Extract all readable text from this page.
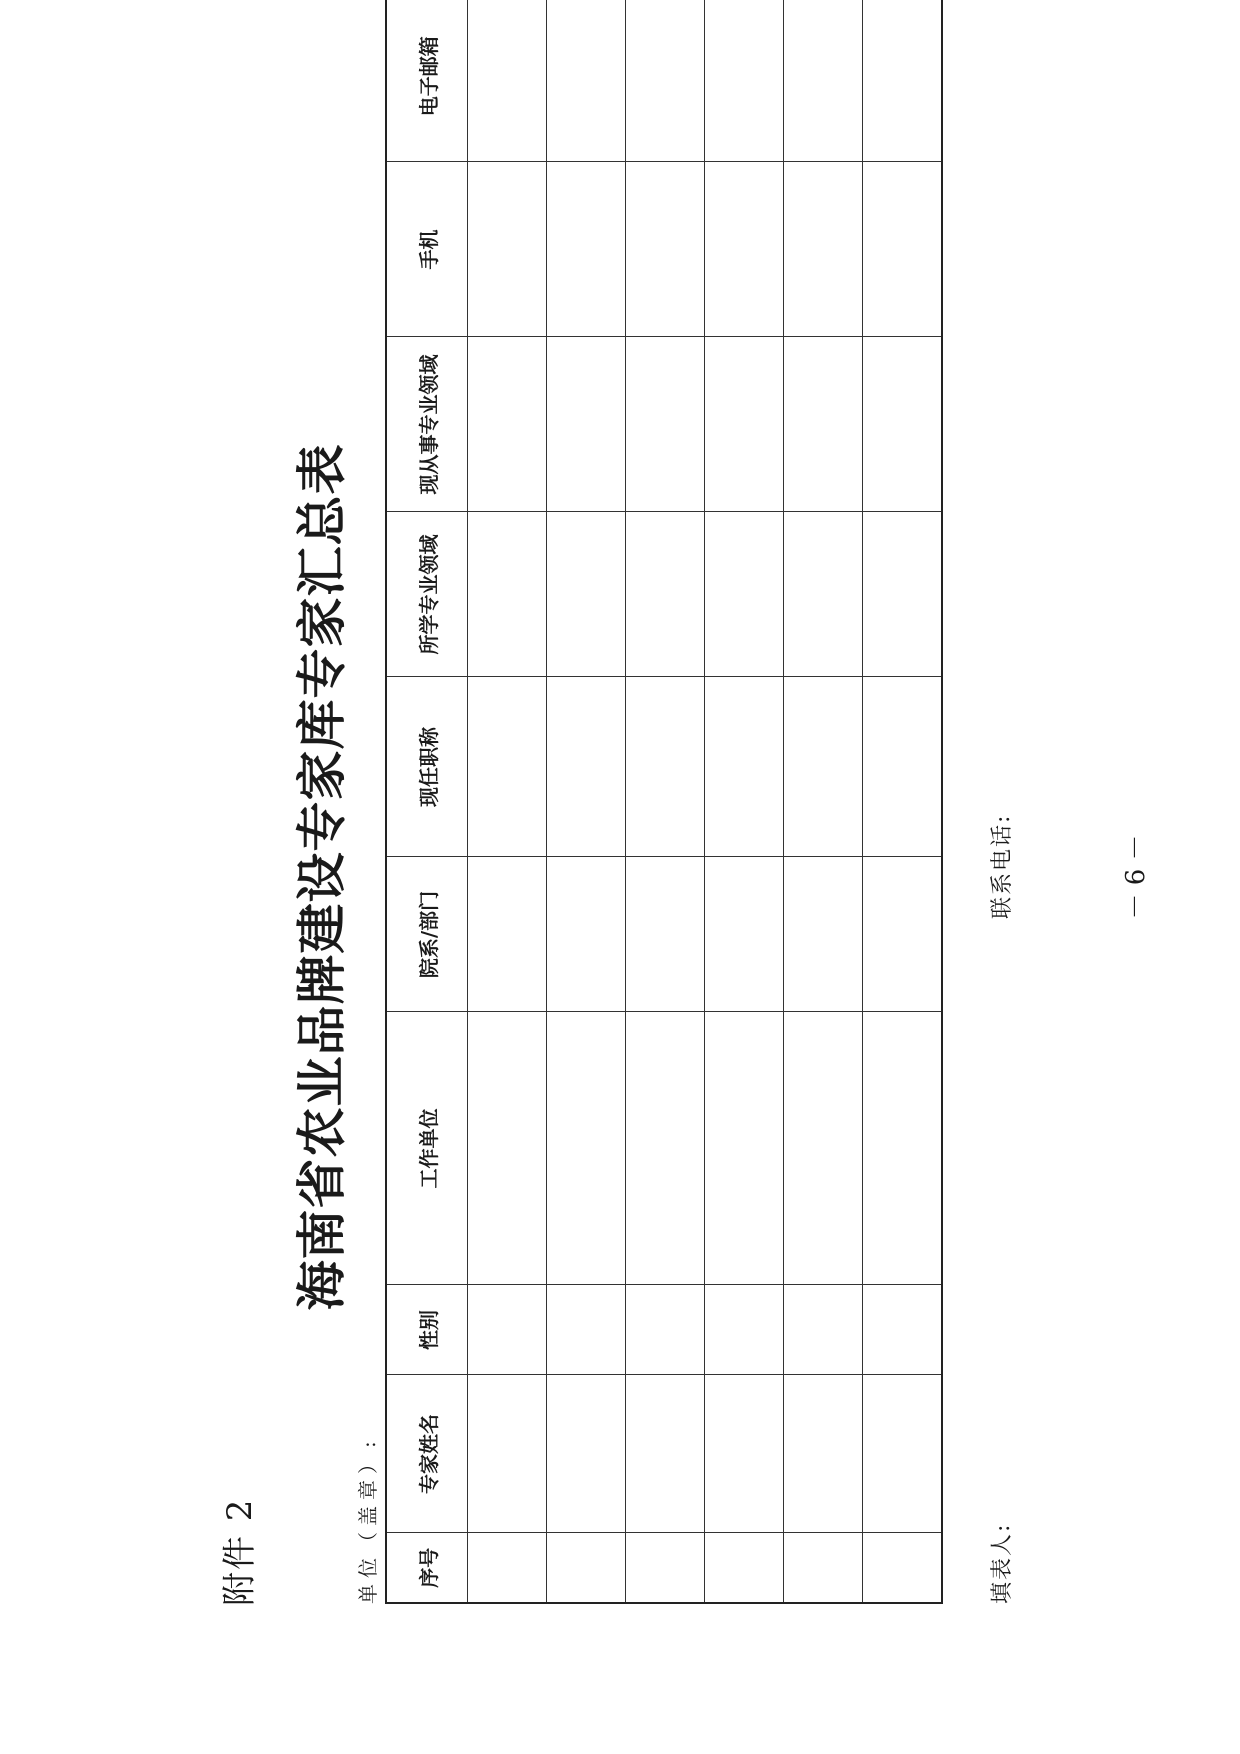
附件 2
海南省农业品牌建设专家库专家汇总表
单位（盖章）: 序号	专家姓名	性别	工作单位	院系/部门	现任职称	所学专业领域	现从事专业领域	手机	电子邮箱

填表人:
联系电话:	－ 6 －
